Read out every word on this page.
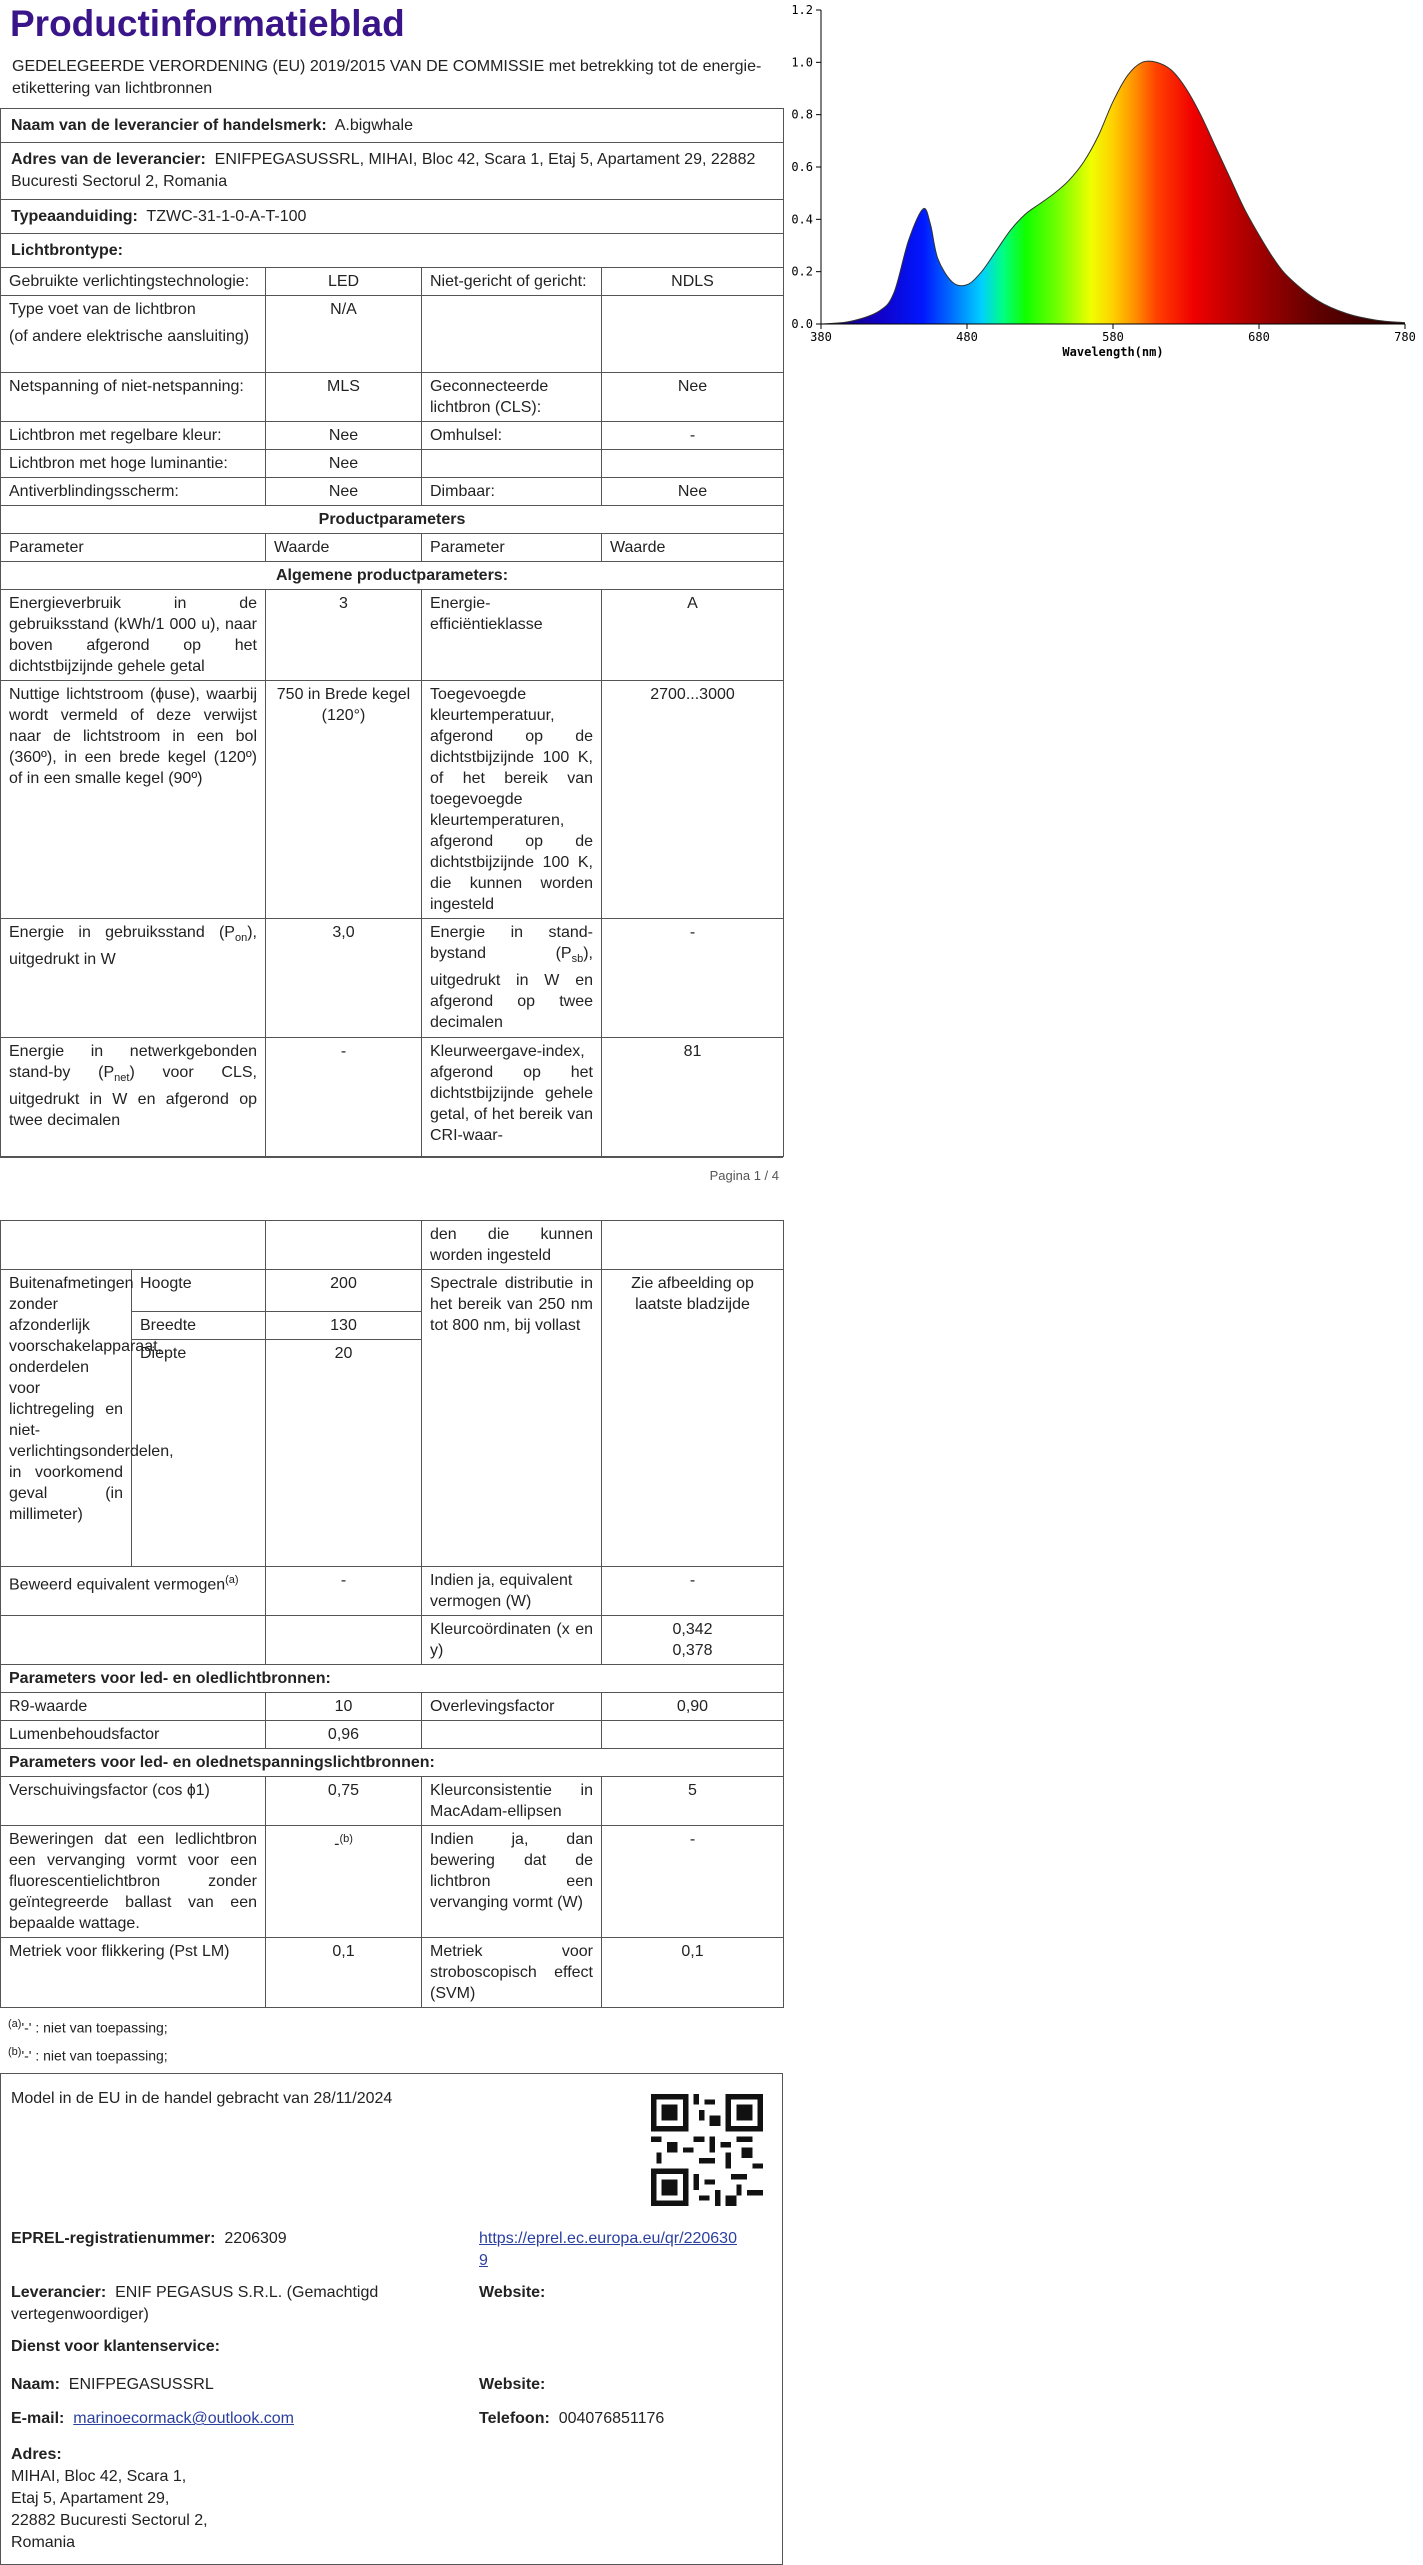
Productinformatieblad
GEDELEGEERDE VERORDENING (EU) 2019/2015 VAN DE COMMISSIE met betrekking tot de energie-etikettering van lichtbronnen
Naam van de leverancier of handelsmerk: A.bigwhale			
Adres van de leverancier: ENIFPEGASUSSRL, MIHAI, Bloc 42, Scara 1, Etaj 5, Apartament 29, 22882 Bucuresti Sectorul 2, Romania			
Typeaanduiding: TZWC-31-1-0-A-T-100			
Lichtbrontype:			
Gebruikte verlichtingstechnologie:	LED	Niet-gericht of gericht:	NDLS

Type voet van de lichtbron
(of andere elektrische aansluiting)	N/A		
Netspanning of niet-netspanning:	MLS	Geconnecteerde lichtbron (CLS):	Nee
Lichtbron met regelbare kleur:	Nee	Omhulsel:	-
Lichtbron met hoge luminantie:	Nee		
Antiverblindingsscherm:	Nee	Dimbaar:	Nee
Productparameters			
Parameter	Waarde	Parameter	Waarde
Algemene productparameters:			
Energieverbruik in de gebruiksstand (kWh/1 000 u), naar boven afgerond op het dichtstbijzijnde gehele getal	3	Energie-efficiëntieklasse	A
Nuttige lichtstroom (ɸuse), waarbij wordt vermeld of deze verwijst naar de lichtstroom in een bol (360º), in een brede kegel (120º) of in een smalle kegel (90º)	750 in Brede kegel (120°)	Toegevoegde kleurtemperatuur, afgerond op de dichtstbijzijnde 100 K, of het bereik van toegevoegde kleurtemperaturen, afgerond op de dichtstbijzijnde 100 K, die kunnen worden ingesteld	2700...3000
Energie in gebruiksstand $(P_{on})$, uitgedrukt in W	3,0	Energie in stand-bystand $(P_{sb})$, uitgedrukt in W en afgerond op twee decimalen	-
Energie in netwerkgebonden stand-by $(P_{net})$ voor CLS, uitgedrukt in W en afgerond op twee decimalen	-	Kleurweergave-index, afgerond op het dichtstbijzijnde gehele getal, of het bereik van CRI-waar-	81
Pagina 1 / 4
			den die kunnen worden ingesteld	
Buitenafmetingen zonder afzonderlijk voorschakelapparaat, onderdelen voor lichtregeling en niet-verlichtingsonderdelen, in voorkomend geval (in millimeter)	Hoogte	200	Spectrale distributie in het bereik van 250 nm tot 800 nm, bij vollast	Zie afbeelding op laatste bladzijde
	Breedte	130		
	Diepte	20		
Beweerd equivalent vermogen$^{(a)}$		-	Indien ja, equivalent vermogen (W)	-
			Kleurcoördinaten (x en y)	0,342
0,378

Parameters voor led- en oledlichtbronnen:				
R9-waarde		10	Overlevingsfactor	0,90
Lumenbehoudsfactor		0,96		
Parameters voor led- en olednetspanningslichtbronnen:				
Verschuivingsfactor (cos ɸ1)		0,75	Kleurconsistentie in MacAdam-ellipsen	5
Beweringen dat een ledlichtbron een vervanging vormt voor een fluorescentielichtbron zonder geïntegreerde ballast van een bepaalde wattage.		-$^{(b)}$	Indien ja, dan bewering dat de lichtbron een vervanging vormt (W)	-
Metriek voor flikkering (Pst LM)		0,1	Metriek voor stroboscopisch effect (SVM)	0,1
$^{(a)}$'-' : niet van toepassing;
$^{(b)}$'-' : niet van toepassing;
Model in de EU in de handel gebracht van 28/11/2024
EPREL-registratienummer: 2206309	https://eprel.ec.europa.eu/qr/2206309
Leverancier: ENIF PEGASUS S.R.L. (Gemachtigd vertegenwoordiger)
Website:
Dienst voor klantenservice:
Naam: ENIFPEGASUSSRL	Website:
E-mail: marinoecormack@outlook.com	Telefoon: 004076851176
Adres:
MIHAI, Bloc 42, Scara 1,
Etaj 5, Apartament 29,
22882 Bucuresti Sectorul 2,
Romania
0.0
0.2
0.4
0.6
0.8
1.0
1.2
380	480	580	680	780
Wavelength(nm)
